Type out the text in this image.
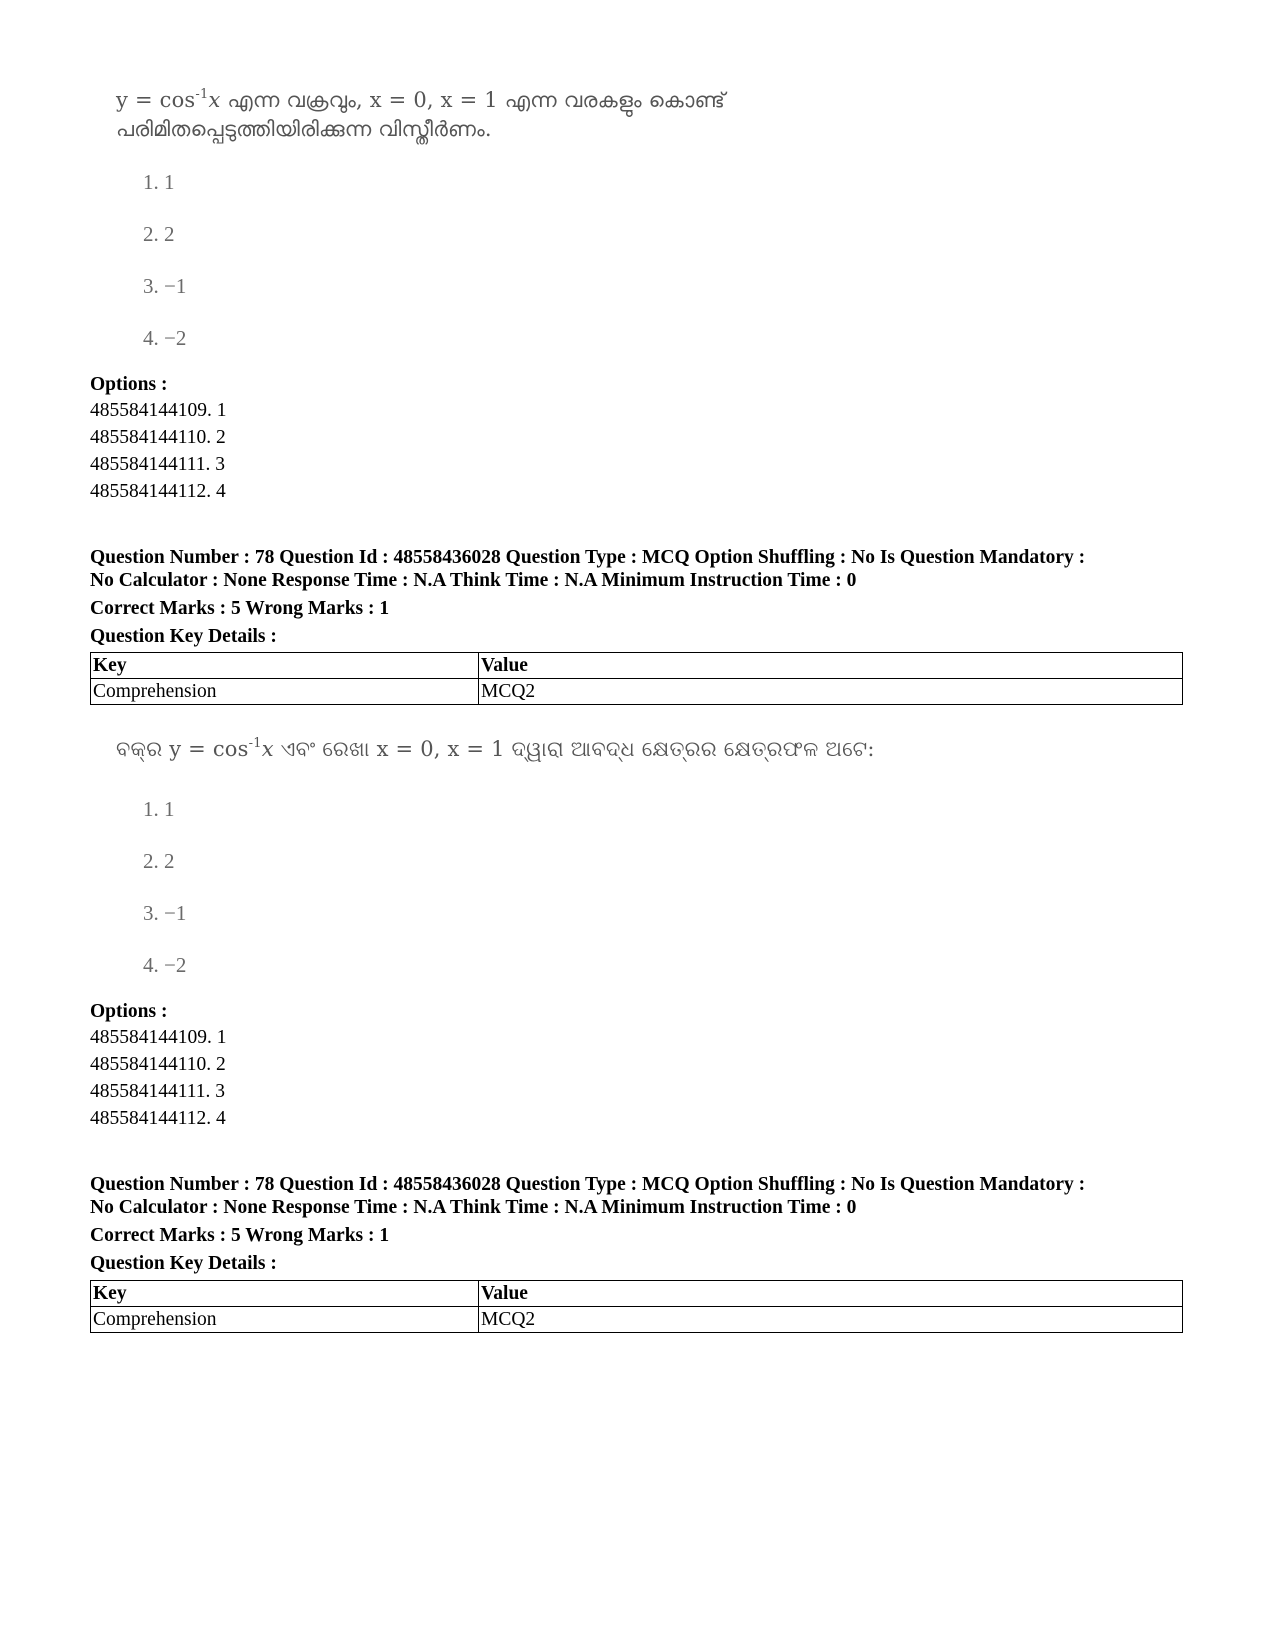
$y = \cos^{-1}x$ എന്ന വക്രവും, x = 0, x = 1 എന്ന വരകളും കൊണ്ട്
പരിമിതപ്പെടുത്തിയിരിക്കുന്ന വിസ്തീർണം.
1. 1
2. 2
3. −1
4. −2
Options :
485584144109. 1
485584144110. 2
485584144111. 3
485584144112. 4
Question Number : 78 Question Id : 48558436028 Question Type : MCQ Option Shuffling : No Is Question Mandatory :
No Calculator : None Response Time : N.A Think Time : N.A Minimum Instruction Time : 0
Correct Marks : 5 Wrong Marks : 1
Question Key Details :
Key	Value
Comprehension	MCQ2
ବକ୍ର $y = \cos^{-1}x$ ଏବଂ ରେଖା x = 0, x = 1 ଦ୍ୱାରା ଆବଦ୍ଧ କ୍ଷେତ୍ରର କ୍ଷେତ୍ରଫଳ ଅଟେ:
1. 1
2. 2
3. −1
4. −2
Options :
485584144109. 1
485584144110. 2
485584144111. 3
485584144112. 4
Question Number : 78 Question Id : 48558436028 Question Type : MCQ Option Shuffling : No Is Question Mandatory :
No Calculator : None Response Time : N.A Think Time : N.A Minimum Instruction Time : 0
Correct Marks : 5 Wrong Marks : 1
Question Key Details :
Key	Value
Comprehension	MCQ2
